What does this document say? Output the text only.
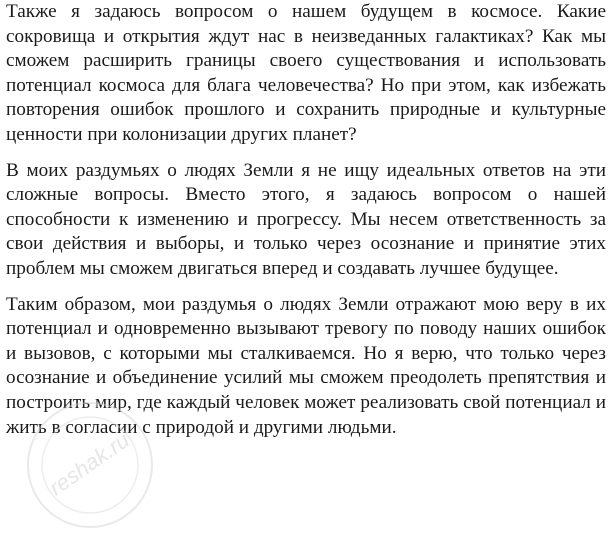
Также я задаюсь вопросом о нашем будущем в космосе. Какие сокровища и открытия ждут нас в неизведанных галактиках? Как мы сможем расширить границы своего существования и использовать потенциал космоса для блага человечества? Но при этом, как избежать повторения ошибок прошлого и сохранить природные и культурные ценности при колонизации других планет?

В моих раздумьях о людях Земли я не ищу идеальных ответов на эти сложные вопросы. Вместо этого, я задаюсь вопросом о нашей способности к изменению и прогрессу. Мы несем ответственность за свои действия и выборы, и только через осознание и принятие этих проблем мы сможем двигаться вперед и создавать лучшее будущее.

Таким образом, мои раздумья о людях Земли отражают мою веру в их потенциал и одновременно вызывают тревогу по поводу наших ошибок и вызовов, с которыми мы сталкиваемся. Но я верю, что только через осознание и объединение усилий мы сможем преодолеть препятствия и построить мир, где каждый человек может реализовать свой потенциал и жить в согласии с природой и другими людьми.

reshak.ru
